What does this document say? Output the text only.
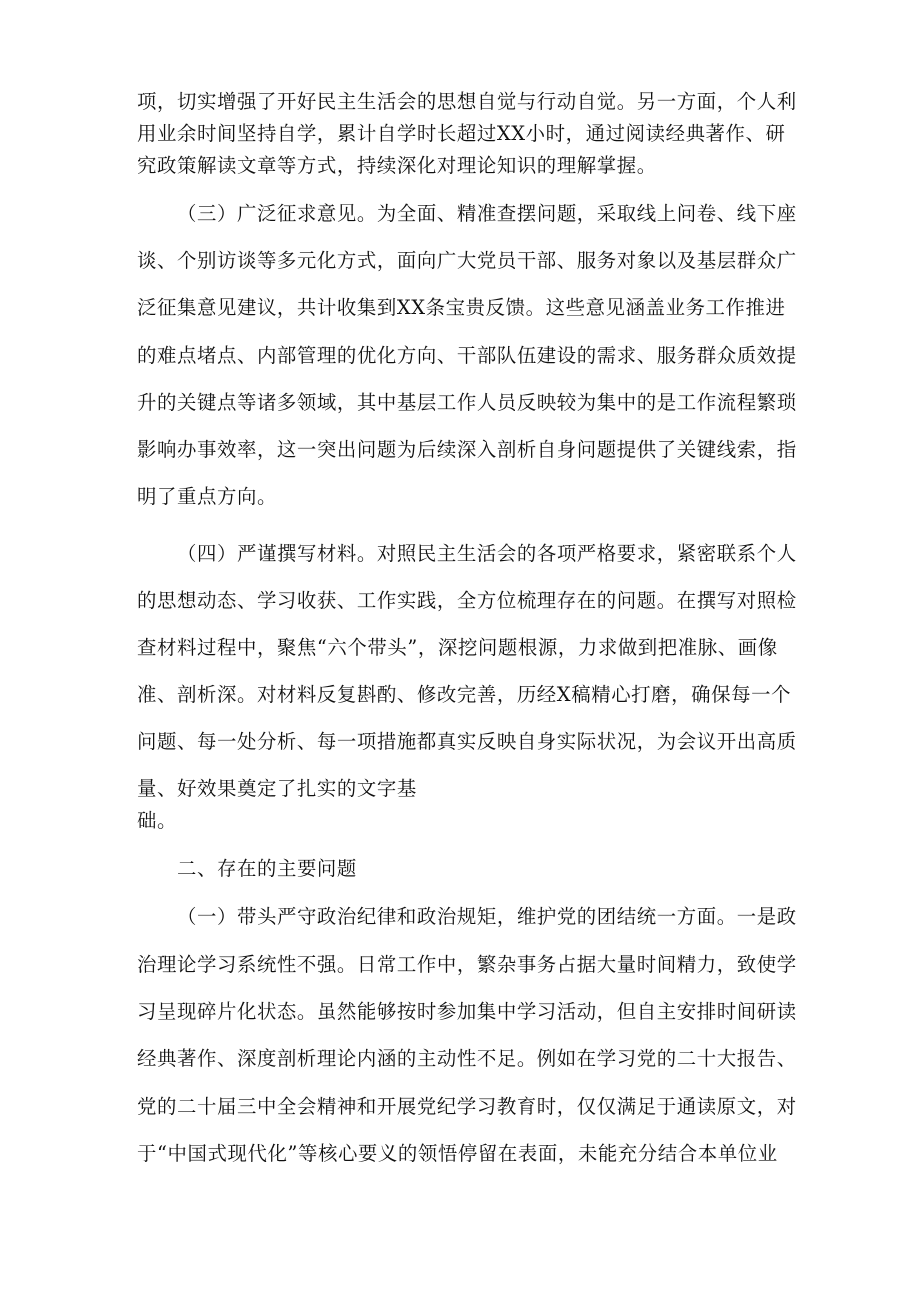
项，切实增强了开好民主生活会的思想自觉与行动自觉。另一方面，个人利
用业余时间坚持自学，累计自学时长超过XX小时，通过阅读经典著作、研
究政策解读文章等方式，持续深化对理论知识的理解掌握。
（三）广泛征求意见。为全面、精准查摆问题，采取线上问卷、线下座
谈、个别访谈等多元化方式，面向广大党员干部、服务对象以及基层群众广
泛征集意见建议，共计收集到XX条宝贵反馈。这些意见涵盖业务工作推进
的难点堵点、内部管理的优化方向、干部队伍建设的需求、服务群众质效提
升的关键点等诸多领域，其中基层工作人员反映较为集中的是工作流程繁琐
影响办事效率，这一突出问题为后续深入剖析自身问题提供了关键线索，指
明了重点方向。
（四）严谨撰写材料。对照民主生活会的各项严格要求，紧密联系个人
的思想动态、学习收获、工作实践，全方位梳理存在的问题。在撰写对照检
查材料过程中，聚焦“六个带头”，深挖问题根源，力求做到把准脉、画像
准、剖析深。对材料反复斟酌、修改完善，历经X稿精心打磨，确保每一个
问题、每一处分析、每一项措施都真实反映自身实际状况，为会议开出高质
量、好效果奠定了扎实的文字基
础。
二、存在的主要问题
（一）带头严守政治纪律和政治规矩，维护党的团结统一方面。一是政
治理论学习系统性不强。日常工作中，繁杂事务占据大量时间精力，致使学
习呈现碎片化状态。虽然能够按时参加集中学习活动，但自主安排时间研读
经典著作、深度剖析理论内涵的主动性不足。例如在学习党的二十大报告、
党的二十届三中全会精神和开展党纪学习教育时，仅仅满足于通读原文，对
于“中国式现代化”等核心要义的领悟停留在表面，未能充分结合本单位业
